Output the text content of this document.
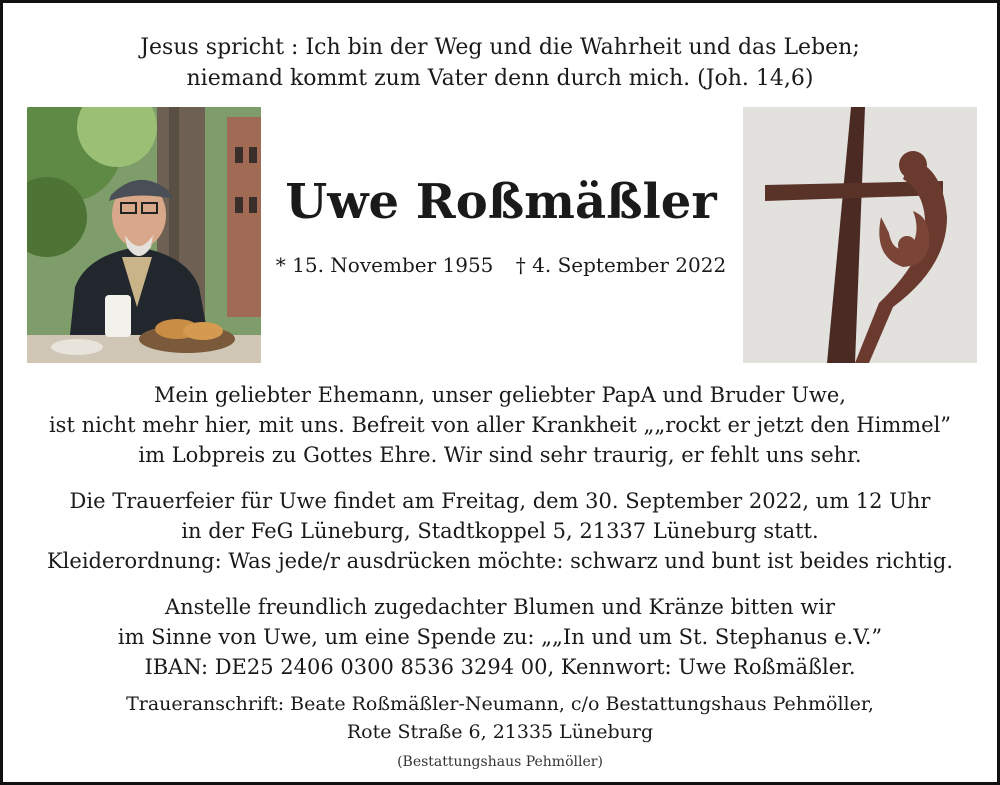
Jesus spricht : Ich bin der Weg und die Wahrheit und das Leben;
niemand kommt zum Vater denn durch mich. (Joh. 14,6)
Uwe Roßmäßler
* 15. November 1955 † 4. September 2022
Mein geliebter Ehemann, unser geliebter PapA und Bruder Uwe,
ist nicht mehr hier, mit uns. Befreit von aller Krankheit „„rockt er jetzt den Himmel”
im Lobpreis zu Gottes Ehre. Wir sind sehr traurig, er fehlt uns sehr.
Die Trauerfeier für Uwe findet am Freitag, dem 30. September 2022, um 12 Uhr
in der FeG Lüneburg, Stadtkoppel 5, 21337 Lüneburg statt.
Kleiderordnung: Was jede/r ausdrücken möchte: schwarz und bunt ist beides richtig.
Anstelle freundlich zugedachter Blumen und Kränze bitten wir
im Sinne von Uwe, um eine Spende zu: „„In und um St. Stephanus e.V.”
IBAN: DE25 2406 0300 8536 3294 00, Kennwort: Uwe Roßmäßler.
Traueranschrift: Beate Roßmäßler-Neumann, c/o Bestattungshaus Pehmöller,
Rote Straße 6, 21335 Lüneburg
(Bestattungshaus Pehmöller)
